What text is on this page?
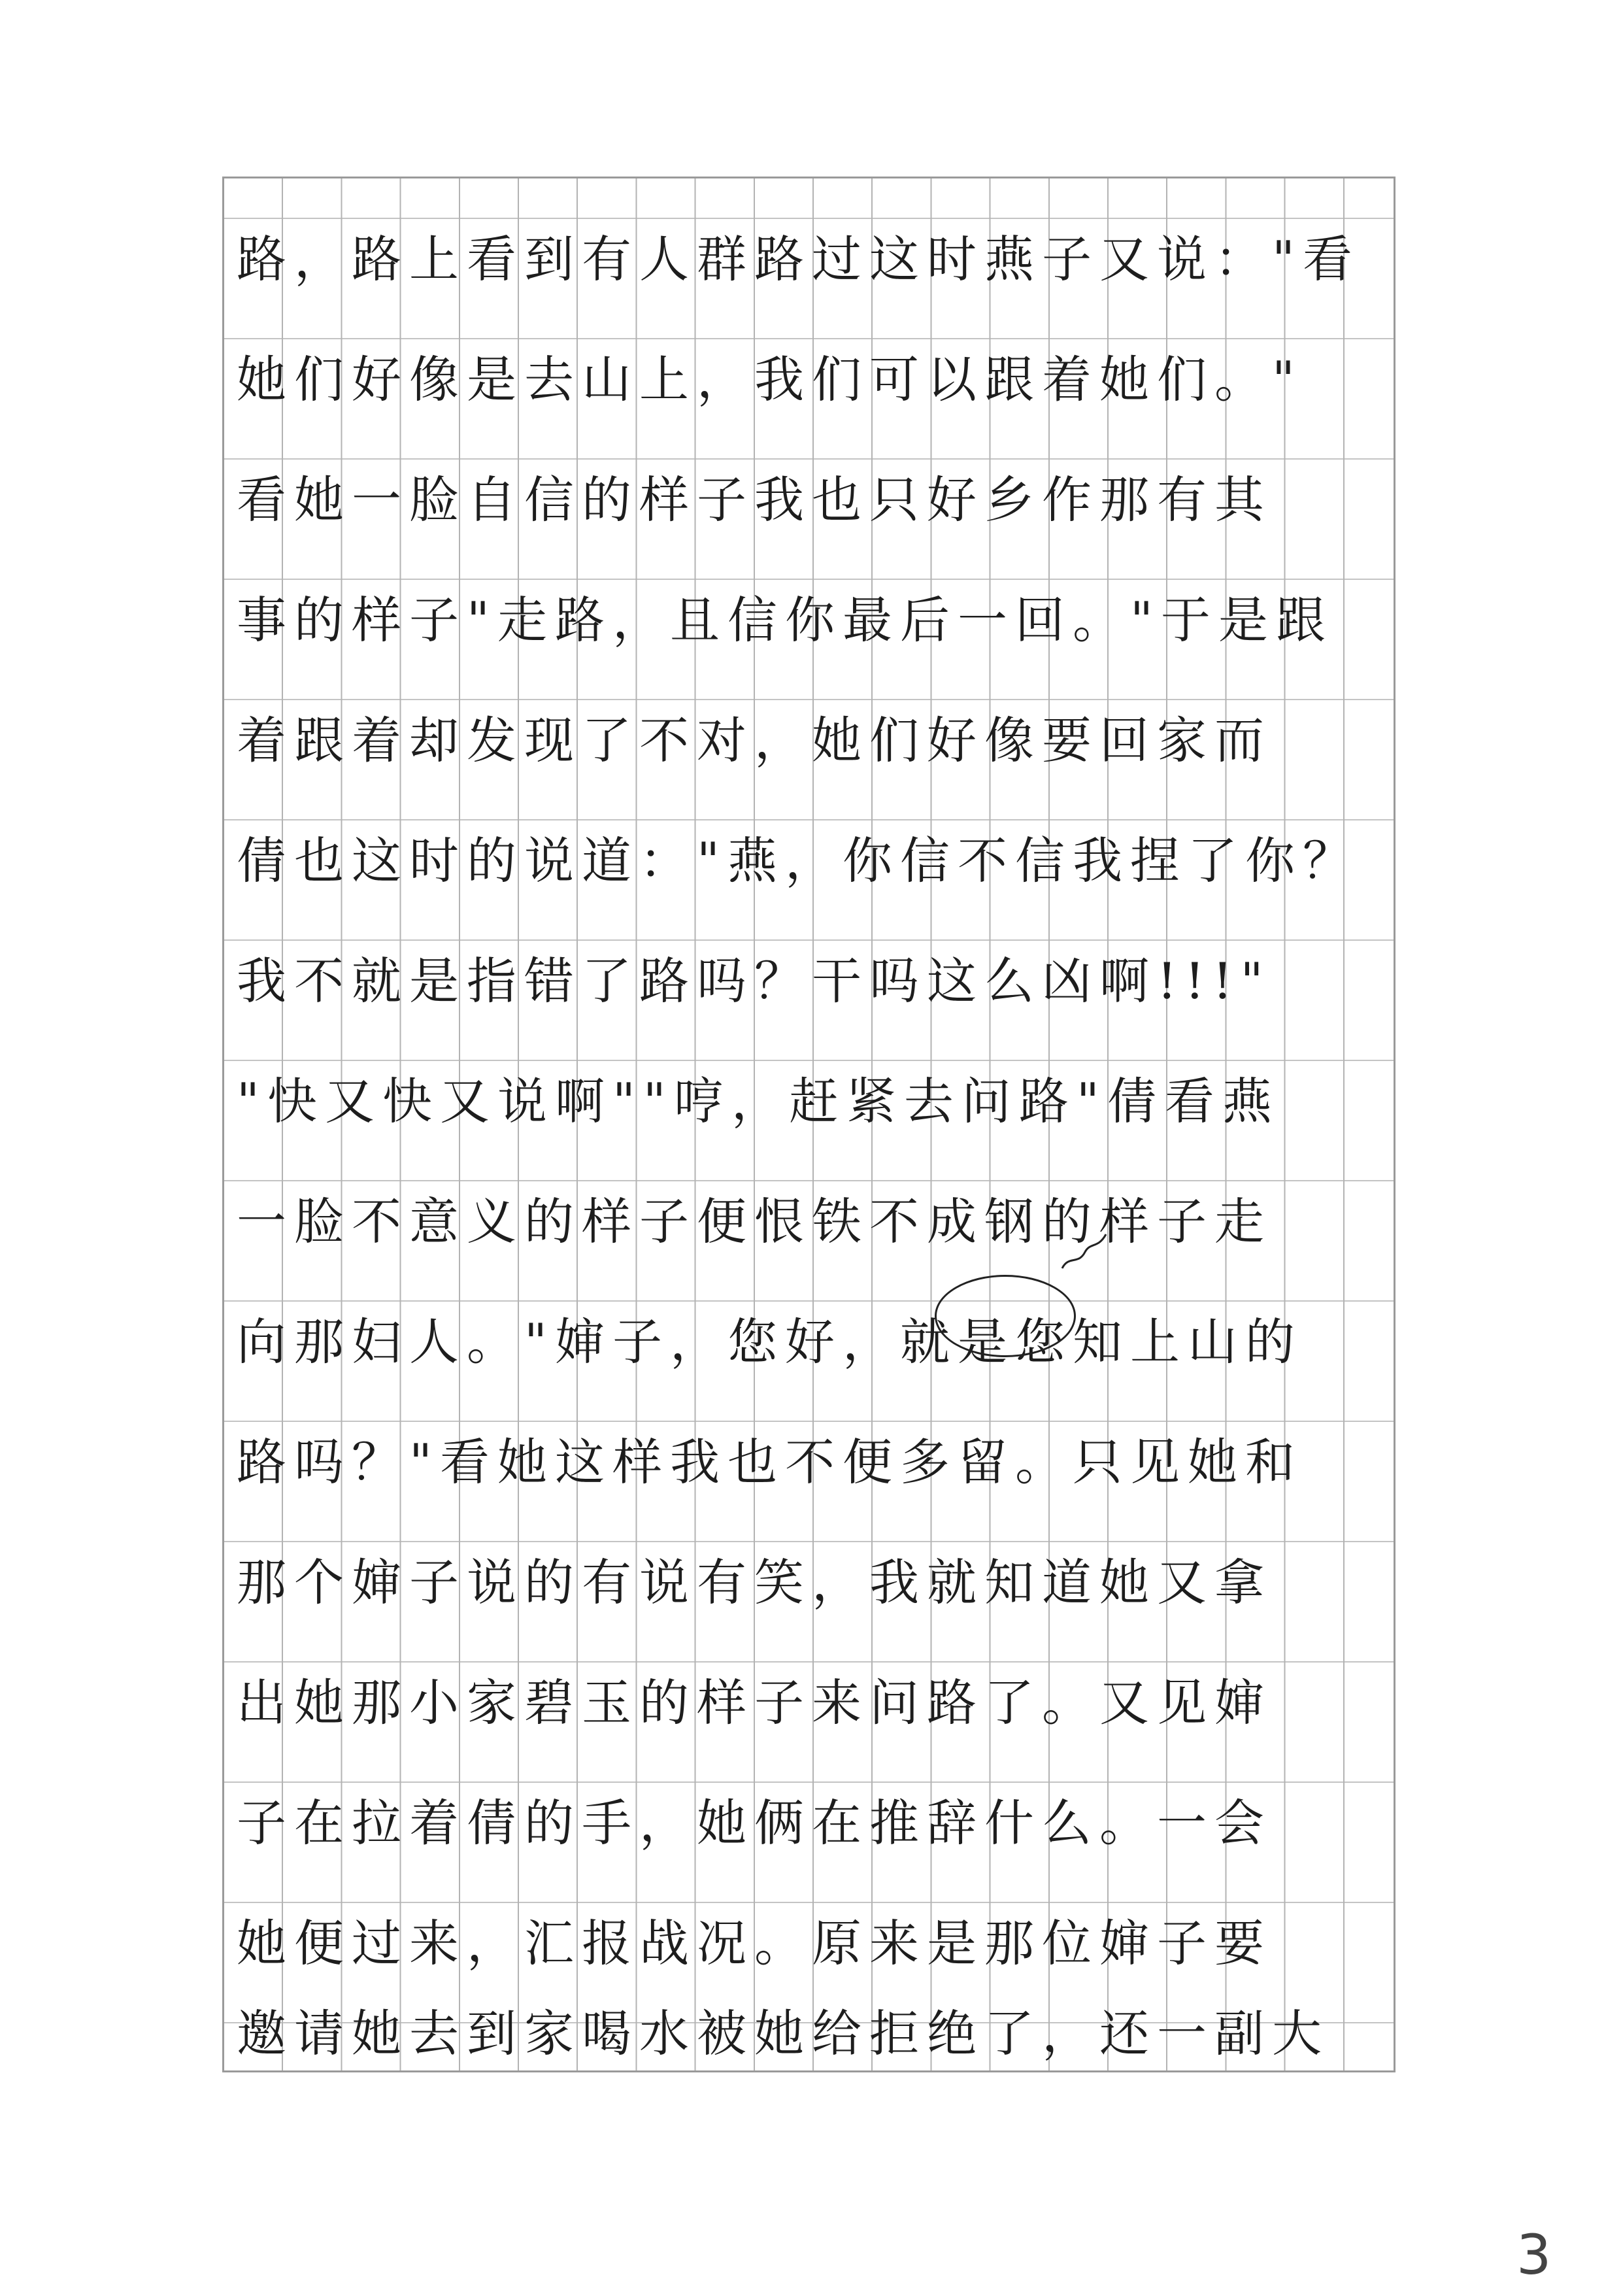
路，路上看到有人群路过这时燕子又说："看
她们好像是去山上，我们可以跟着她们。"
看她一脸自信的样子我也只好乡作那有其
事的样子"走路，且信你最后一回。"于是跟
着跟着却发现了不对，她们好像要回家而
倩也这时的说道："燕，你信不信我捏了你？
我不就是指错了路吗？干吗这么凶啊!!!"
"快又快又说啊""哼，赶紧去问路"倩看燕
一脸不意义的样子便恨铁不成钢的样子走
向那妇人。"婶子，您好，就是您知上山的
路吗？"看她这样我也不便多留。只见她和
那个婶子说的有说有笑，我就知道她又拿
出她那小家碧玉的样子来问路了。又见婶
子在拉着倩的手，她俩在推辞什么。一会
她便过来，汇报战况。原来是那位婶子要
邀请她去到家喝水被她给拒绝了，还一副大
3
